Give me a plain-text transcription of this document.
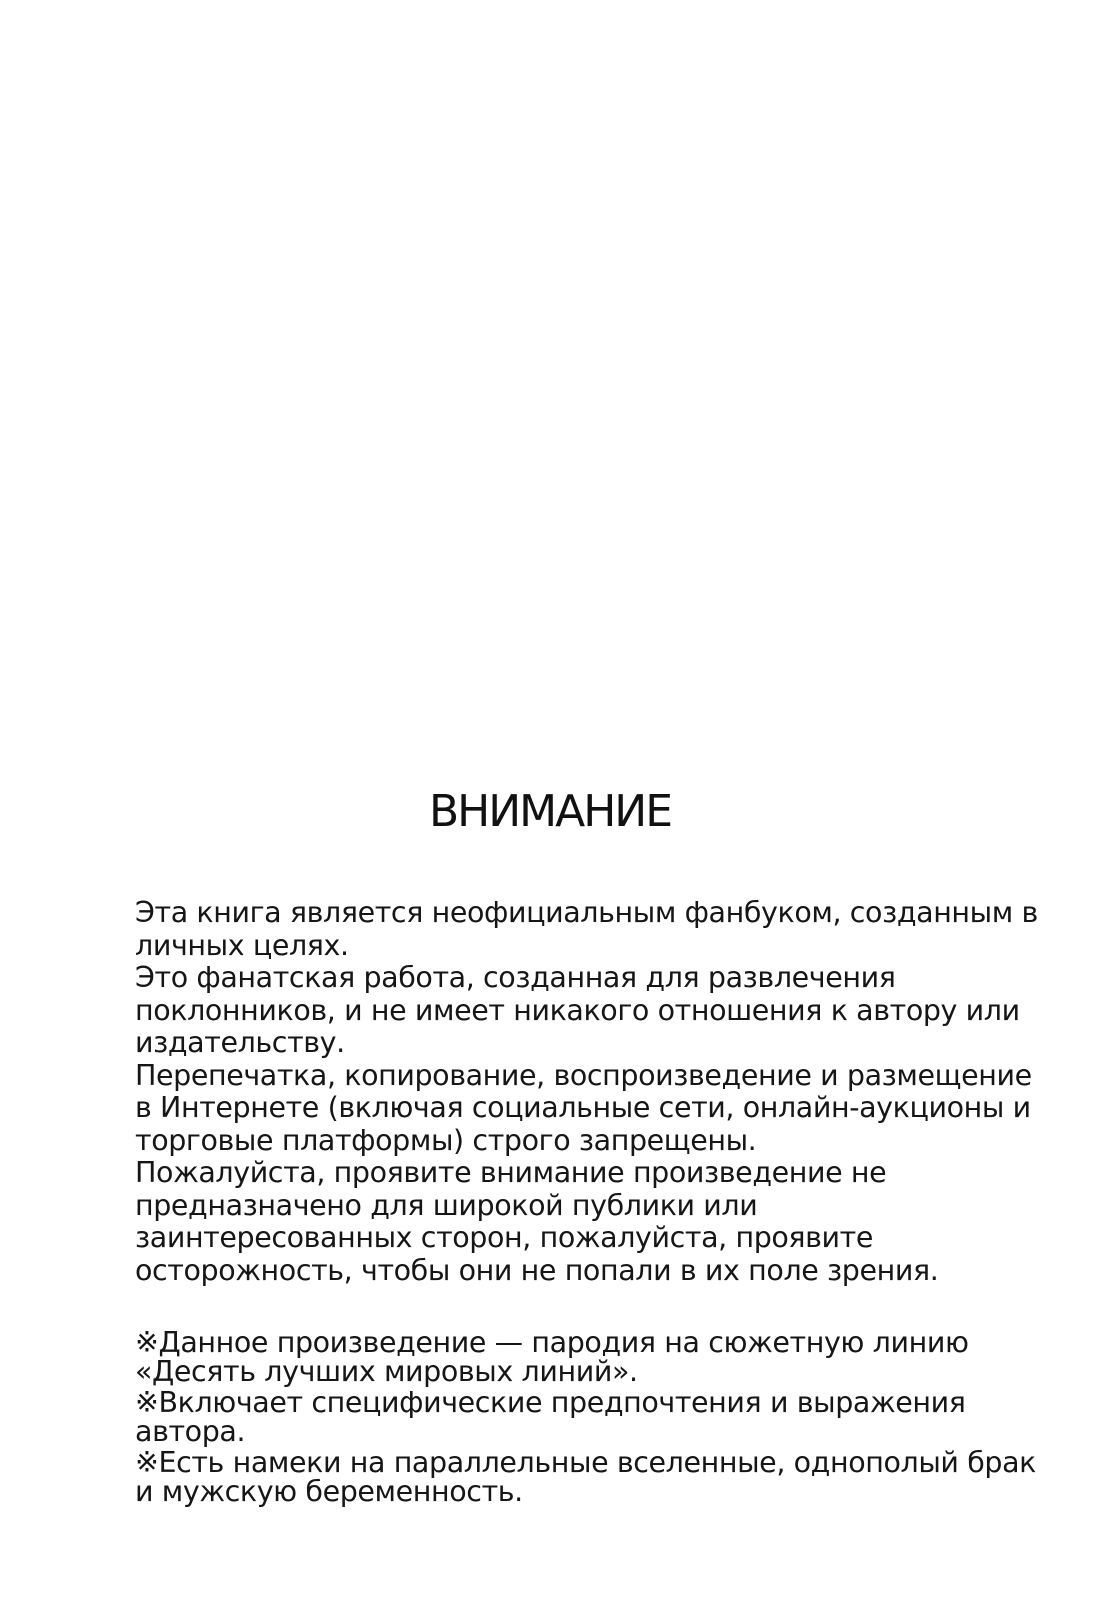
ВНИМАНИЕ

Эта книга является неофициальным фанбуком, созданным в личных целях.

Это фанатская работа, созданная для развлечения поклонников, и не имеет никакого отношения к автору или издательству.

Перепечатка, копирование, воспроизведение и размещение в Интернете (включая социальные сети, онлайн-аукционы и торговые платформы) строго запрещены.

Пожалуйста, проявите внимание произведение не предназначено для широкой публики или заинтересованных сторон, пожалуйста, проявите осторожность, чтобы они не попали в их поле зрения.

※Данное произведение — пародия на сюжетную линию «Десять лучших мировых линий».

※Включает специфические предпочтения и выражения автора.

※Есть намеки на параллельные вселенные, однополый брак и мужскую беременность.
